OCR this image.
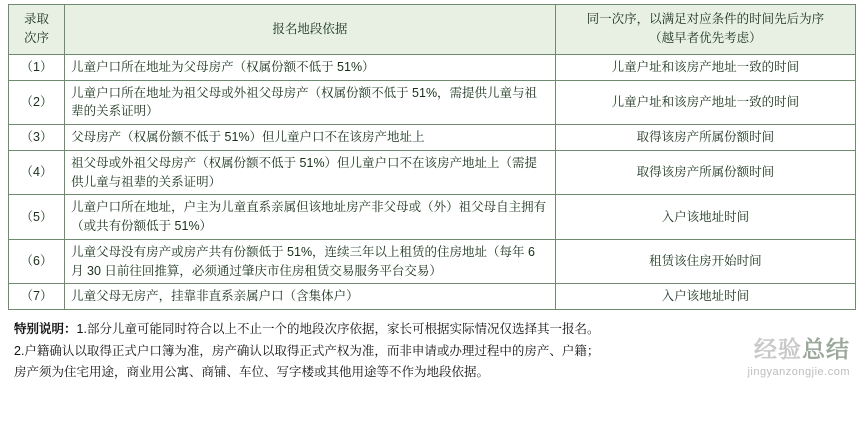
录取
次序	报名地段依据	同一次序，以满足对应条件的时间先后为序
（越早者优先考虑）

（1）	儿童户口所在地址为父母房产（权属份额不低于 51%）	儿童户址和该房产地址一致的时间
（2）	儿童户口所在地址为祖父母或外祖父母房产（权属份额不低于 51%，需提供儿童与祖辈的关系证明）	儿童户址和该房产地址一致的时间
（3）	父母房产（权属份额不低于 51%）但儿童户口不在该房产地址上	取得该房产所属份额时间
（4）	祖父母或外祖父母房产（权属份额不低于 51%）但儿童户口不在该房产地址上（需提供儿童与祖辈的关系证明）	取得该房产所属份额时间
（5）	儿童户口所在地址，户主为儿童直系亲属但该地址房产非父母或（外）祖父母自主拥有（或共有份额低于 51%）	入户该地址时间
（6）	儿童父母没有房产或房产共有份额低于 51%，连续三年以上租赁的住房地址（每年 6 月 30 日前往回推算，必须通过肇庆市住房租赁交易服务平台交易）	租赁该住房开始时间
（7）	儿童父母无房产，挂靠非直系亲属户口（含集体户）	入户该地址时间

特别说明：1.部分儿童可能同时符合以上不止一个的地段次序依据，家长可根据实际情况仅选择其一报名。

2.户籍确认以取得正式户口簿为准，房产确认以取得正式产权为准，而非申请或办理过程中的房产、户籍；

房产须为住宅用途，商业用公寓、商铺、车位、写字楼或其他用途等不作为地段依据。

经验总结
jingyanzongjie.com
